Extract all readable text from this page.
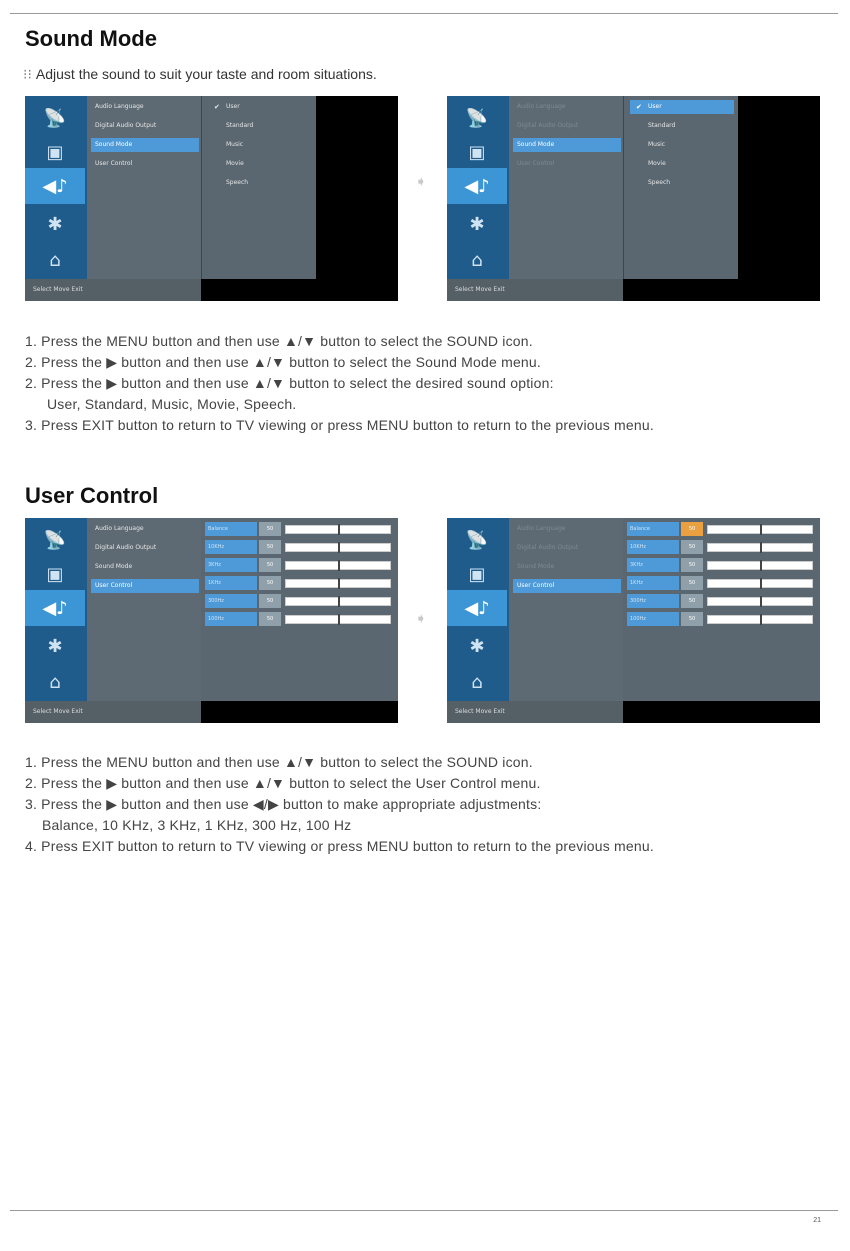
Sound Mode
⁝⁝ Adjust the sound to suit your taste and room situations.
📡
▣
◀♪
✱
⌂
Audio Language
Digital Audio Output
Sound Mode
User Control
✔ User
Standard
Music
Movie
Speech
Select Move Exit
➧
📡
▣
◀♪
✱
⌂
Audio Language
Digital Audio Output
Sound Mode
User Control
✔ User
Standard
Music
Movie
Speech
Select Move Exit

1. Press the MENU button and then use ▲/▼ button to select the SOUND icon.

2. Press the ▶ button and then use ▲/▼ button to select the Sound Mode menu.

2. Press the ▶ button and then use ▲/▼ button to select the desired sound option:

User, Standard, Music, Movie, Speech.

3. Press EXIT button to return to TV viewing or press MENU button to return to the previous menu.

User Control
📡
▣
◀♪
✱
⌂
Audio Language
Digital Audio Output
Sound Mode
User Control
Balance	50
10KHz	50
3KHz	50
1KHz	50
300Hz	50
100Hz	50
Select Move Exit
➧
📡
▣
◀♪
✱
⌂
Audio Language
Digital Audio Output
Sound Mode
User Control
Balance	50
10KHz	50
3KHz	50
1KHz	50
300Hz	50
100Hz	50
Select Move Exit

1. Press the MENU button and then use ▲/▼ button to select the SOUND icon.

2. Press the ▶ button and then use ▲/▼ button to select the User Control menu.

3. Press the ▶ button and then use ◀/▶ button to make appropriate adjustments:

Balance, 10 KHz, 3 KHz, 1 KHz, 300 Hz, 100 Hz

4. Press EXIT button to return to TV viewing or press MENU button to return to the previous menu.

21
